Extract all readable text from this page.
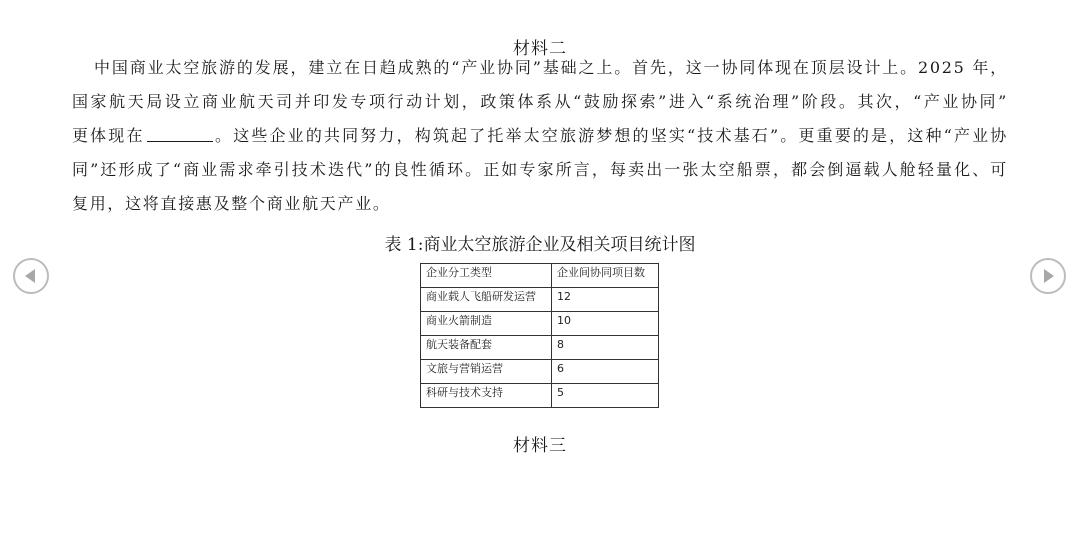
材料二
中国商业太空旅游的发展，建立在日趋成熟的“产业协同”基础之上。首先，这一协同体现在顶层设计上。2025 年，
国家航天局设立商业航天司并印发专项行动计划，政策体系从“鼓励探索”进入“系统治理”阶段。其次，“产业协同”
更体现在	。这些企业的共同努力，构筑起了托举太空旅游梦想的坚实“技术基石”。更重要的是，这种“产业协
同”还形成了“商业需求牵引技术迭代”的良性循环。正如专家所言，每卖出一张太空船票，都会倒逼载人舱轻量化、可
复用，这将直接惠及整个商业航天产业。
表 1:商业太空旅游企业及相关项目统计图
企业分工类型	企业间协同项目数
商业载人飞船研发运营	12
商业火箭制造	10
航天装备配套	8
文旅与营销运营	6
科研与技术支持	5
材料三
